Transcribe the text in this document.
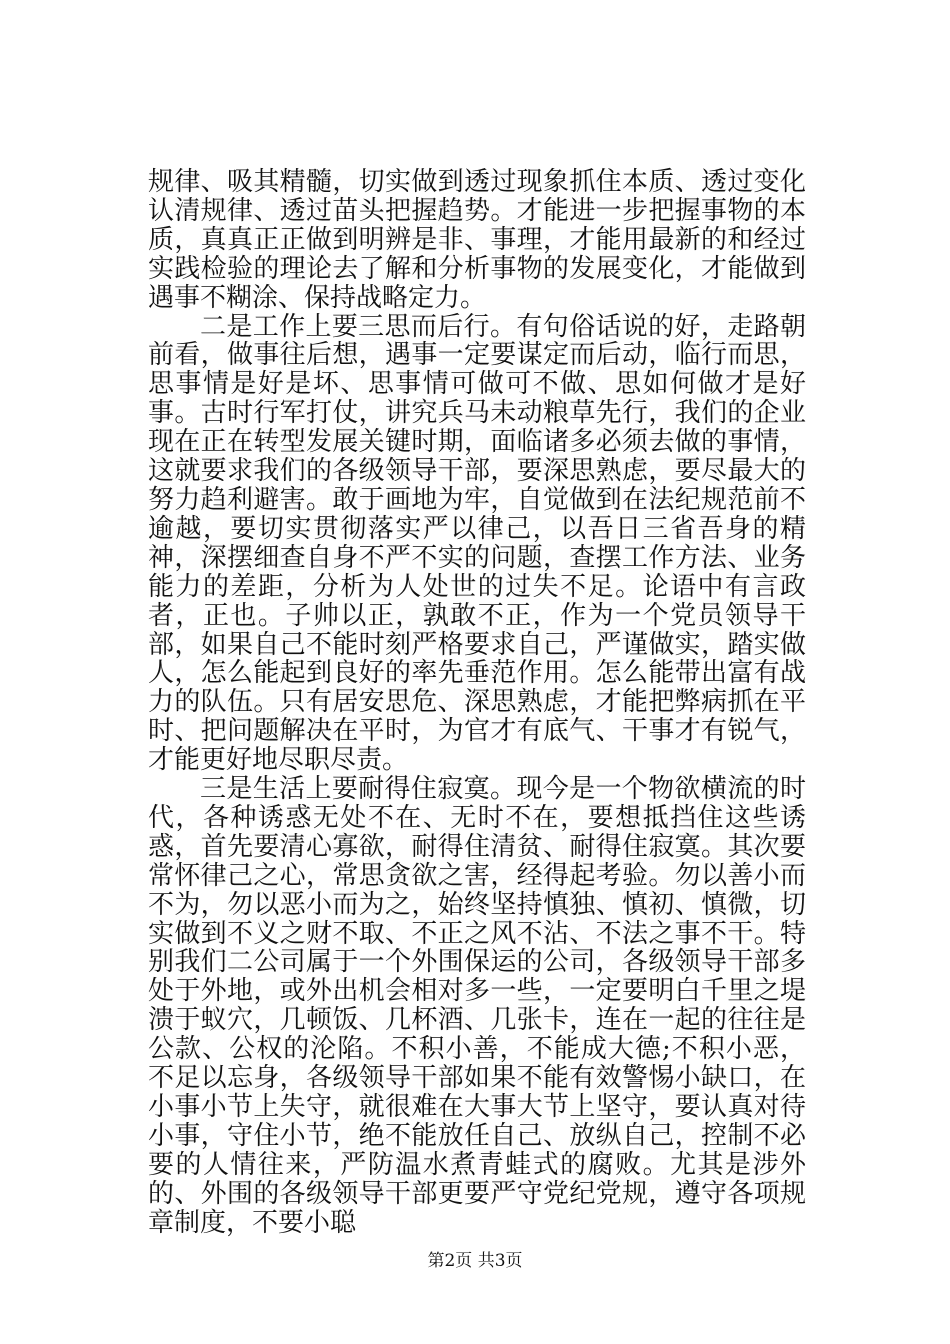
规律、吸其精髓，切实做到透过现象抓住本质、透过变化认清规律、透过苗头把握趋势。才能进一步把握事物的本质，真真正正做到明辨是非、事理，才能用最新的和经过实践检验的理论去了解和分析事物的发展变化，才能做到遇事不糊涂、保持战略定力。

二是工作上要三思而后行。有句俗话说的好，走路朝前看，做事往后想，遇事一定要谋定而后动，临行而思，思事情是好是坏、思事情可做可不做、思如何做才是好事。古时行军打仗，讲究兵马未动粮草先行，我们的企业现在正在转型发展关键时期，面临诸多必须去做的事情，这就要求我们的各级领导干部，要深思熟虑，要尽最大的努力趋利避害。敢于画地为牢，自觉做到在法纪规范前不逾越，要切实贯彻落实严以律己，以吾日三省吾身的精神，深摆细查自身不严不实的问题，查摆工作方法、业务能力的差距，分析为人处世的过失不足。论语中有言政者，正也。子帅以正，孰敢不正，作为一个党员领导干部，如果自己不能时刻严格要求自己，严谨做实，踏实做人，怎么能起到良好的率先垂范作用。怎么能带出富有战力的队伍。只有居安思危、深思熟虑，才能把弊病抓在平时、把问题解决在平时，为官才有底气、干事才有锐气，才能更好地尽职尽责。

三是生活上要耐得住寂寞。现今是一个物欲横流的时代，各种诱惑无处不在、无时不在，要想抵挡住这些诱惑，首先要清心寡欲，耐得住清贫、耐得住寂寞。其次要常怀律己之心，常思贪欲之害，经得起考验。勿以善小而不为，勿以恶小而为之，始终坚持慎独、慎初、慎微，切实做到不义之财不取、不正之风不沾、不法之事不干。特别我们二公司属于一个外围保运的公司，各级领导干部多处于外地，或外出机会相对多一些，一定要明白千里之堤溃于蚁穴，几顿饭、几杯酒、几张卡，连在一起的往往是公款、公权的沦陷。不积小善，不能成大德;不积小恶，不足以忘身，各级领导干部如果不能有效警惕小缺口，在小事小节上失守，就很难在大事大节上坚守，要认真对待小事，守住小节，绝不能放任自己、放纵自己，控制不必要的人情往来，严防温水煮青蛙式的腐败。尤其是涉外的、外围的各级领导干部更要严守党纪党规，遵守各项规章制度，不要小聪

第2页 共3页
